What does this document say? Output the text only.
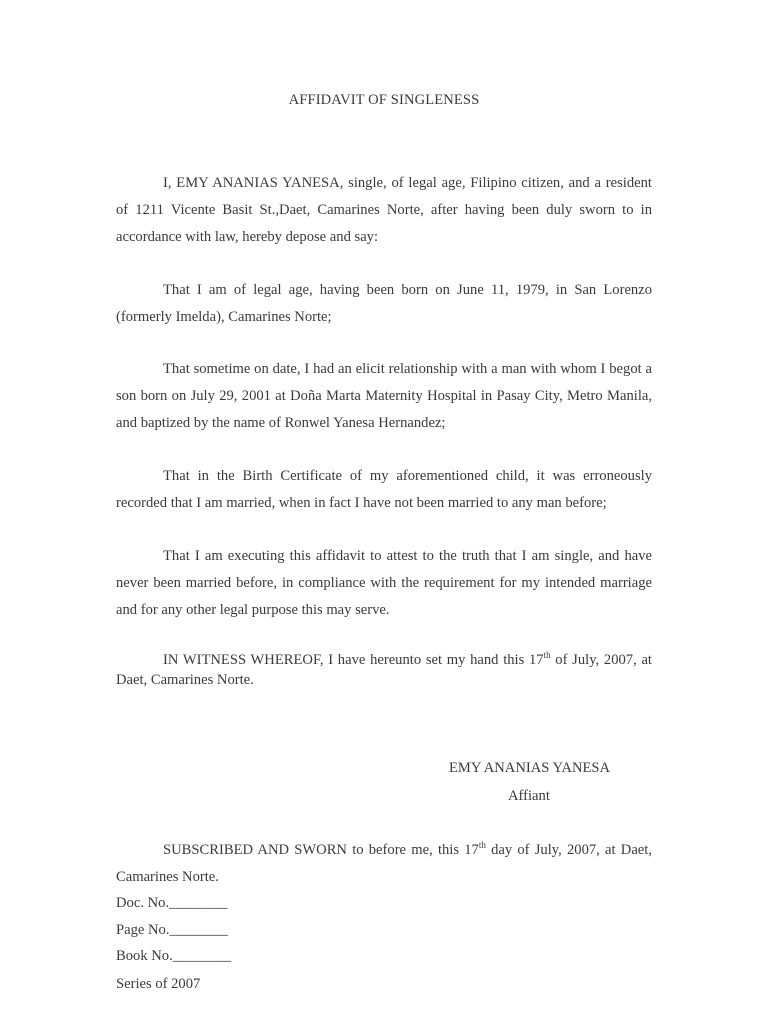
AFFIDAVIT OF SINGLENESS

I, EMY ANANIAS YANESA, single, of legal age, Filipino citizen, and a resident of 1211 Vicente Basit St.,Daet, Camarines Norte, after having been duly sworn to in accordance with law, hereby depose and say:

That I am of legal age, having been born on June 11, 1979, in San Lorenzo (formerly Imelda), Camarines Norte;

That sometime on date, I had an elicit relationship with a man with whom I begot a son born on July 29, 2001 at Doña Marta Maternity Hospital in Pasay City, Metro Manila, and baptized by the name of Ronwel Yanesa Hernandez;

That in the Birth Certificate of my aforementioned child, it was erroneously recorded that I am married, when in fact I have not been married to any man before;

That I am executing this affidavit to attest to the truth that I am single, and have never been married before, in compliance with the requirement for my intended marriage and for any other legal purpose this may serve.

IN WITNESS WHEREOF, I have hereunto set my hand this 17th of July, 2007, at Daet, Camarines Norte.

EMY ANANIAS YANESA
Affiant

SUBSCRIBED AND SWORN to before me, this 17th day of July, 2007, at Daet, Camarines Norte.

Doc. No.________
Page No.________
Book No.________
Series of 2007
